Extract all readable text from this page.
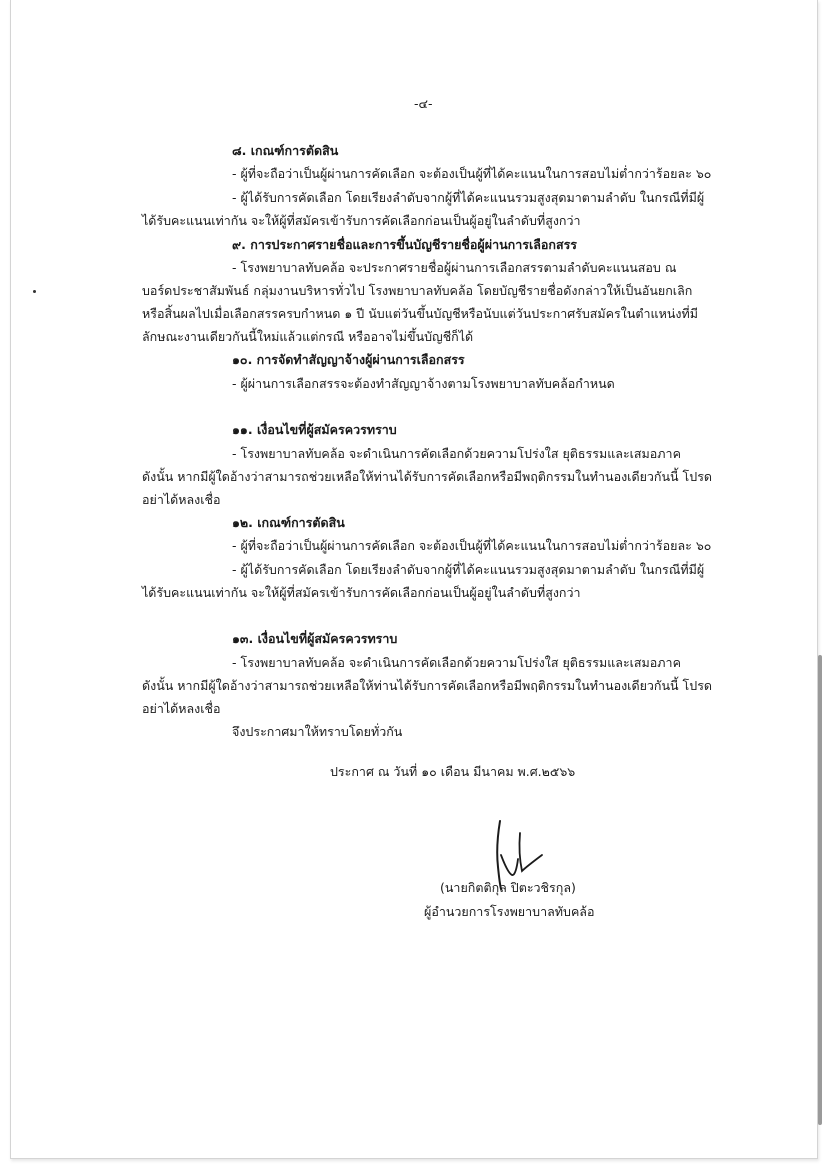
-๔-
๘. เกณฑ์การตัดสิน
- ผู้ที่จะถือว่าเป็นผู้ผ่านการคัดเลือก จะต้องเป็นผู้ที่ได้คะแนนในการสอบไม่ต่ำกว่าร้อยละ ๖๐
- ผู้ได้รับการคัดเลือก โดยเรียงลำดับจากผู้ที่ได้คะแนนรวมสูงสุดมาตามลำดับ ในกรณีที่มีผู้
ได้รับคะแนนเท่ากัน จะให้ผู้ที่สมัครเข้ารับการคัดเลือกก่อนเป็นผู้อยู่ในลำดับที่สูงกว่า
๙. การประกาศรายชื่อและการขึ้นบัญชีรายชื่อผู้ผ่านการเลือกสรร
- โรงพยาบาลทับคล้อ จะประกาศรายชื่อผู้ผ่านการเลือกสรรตามลำดับคะแนนสอบ ณ
บอร์ดประชาสัมพันธ์ กลุ่มงานบริหารทั่วไป โรงพยาบาลทับคล้อ โดยบัญชีรายชื่อดังกล่าวให้เป็นอันยกเลิก
หรือสิ้นผลไปเมื่อเลือกสรรครบกำหนด ๑ ปี นับแต่วันขึ้นบัญชีหรือนับแต่วันประกาศรับสมัครในตำแหน่งที่มี
ลักษณะงานเดียวกันนี้ใหม่แล้วแต่กรณี หรืออาจไม่ขึ้นบัญชีก็ได้
๑๐. การจัดทำสัญญาจ้างผู้ผ่านการเลือกสรร
- ผู้ผ่านการเลือกสรรจะต้องทำสัญญาจ้างตามโรงพยาบาลทับคล้อกำหนด
๑๑. เงื่อนไขที่ผู้สมัครควรทราบ
- โรงพยาบาลทับคล้อ จะดำเนินการคัดเลือกด้วยความโปร่งใส ยุติธรรมและเสมอภาค
ดังนั้น หากมีผู้ใดอ้างว่าสามารถช่วยเหลือให้ท่านได้รับการคัดเลือกหรือมีพฤติกรรมในทำนองเดียวกันนี้ โปรด
อย่าได้หลงเชื่อ
๑๒. เกณฑ์การตัดสิน
- ผู้ที่จะถือว่าเป็นผู้ผ่านการคัดเลือก จะต้องเป็นผู้ที่ได้คะแนนในการสอบไม่ต่ำกว่าร้อยละ ๖๐
- ผู้ได้รับการคัดเลือก โดยเรียงลำดับจากผู้ที่ได้คะแนนรวมสูงสุดมาตามลำดับ ในกรณีที่มีผู้
ได้รับคะแนนเท่ากัน จะให้ผู้ที่สมัครเข้ารับการคัดเลือกก่อนเป็นผู้อยู่ในลำดับที่สูงกว่า
๑๓. เงื่อนไขที่ผู้สมัครควรทราบ
- โรงพยาบาลทับคล้อ จะดำเนินการคัดเลือกด้วยความโปร่งใส ยุติธรรมและเสมอภาค
ดังนั้น หากมีผู้ใดอ้างว่าสามารถช่วยเหลือให้ท่านได้รับการคัดเลือกหรือมีพฤติกรรมในทำนองเดียวกันนี้ โปรด
อย่าได้หลงเชื่อ
จึงประกาศมาให้ทราบโดยทั่วกัน
ประกาศ ณ วันที่ ๑๐ เดือน มีนาคม พ.ศ.๒๕๖๖
(นายกิตติกุล ปิตะวชิรกุล)
ผู้อำนวยการโรงพยาบาลทับคล้อ
